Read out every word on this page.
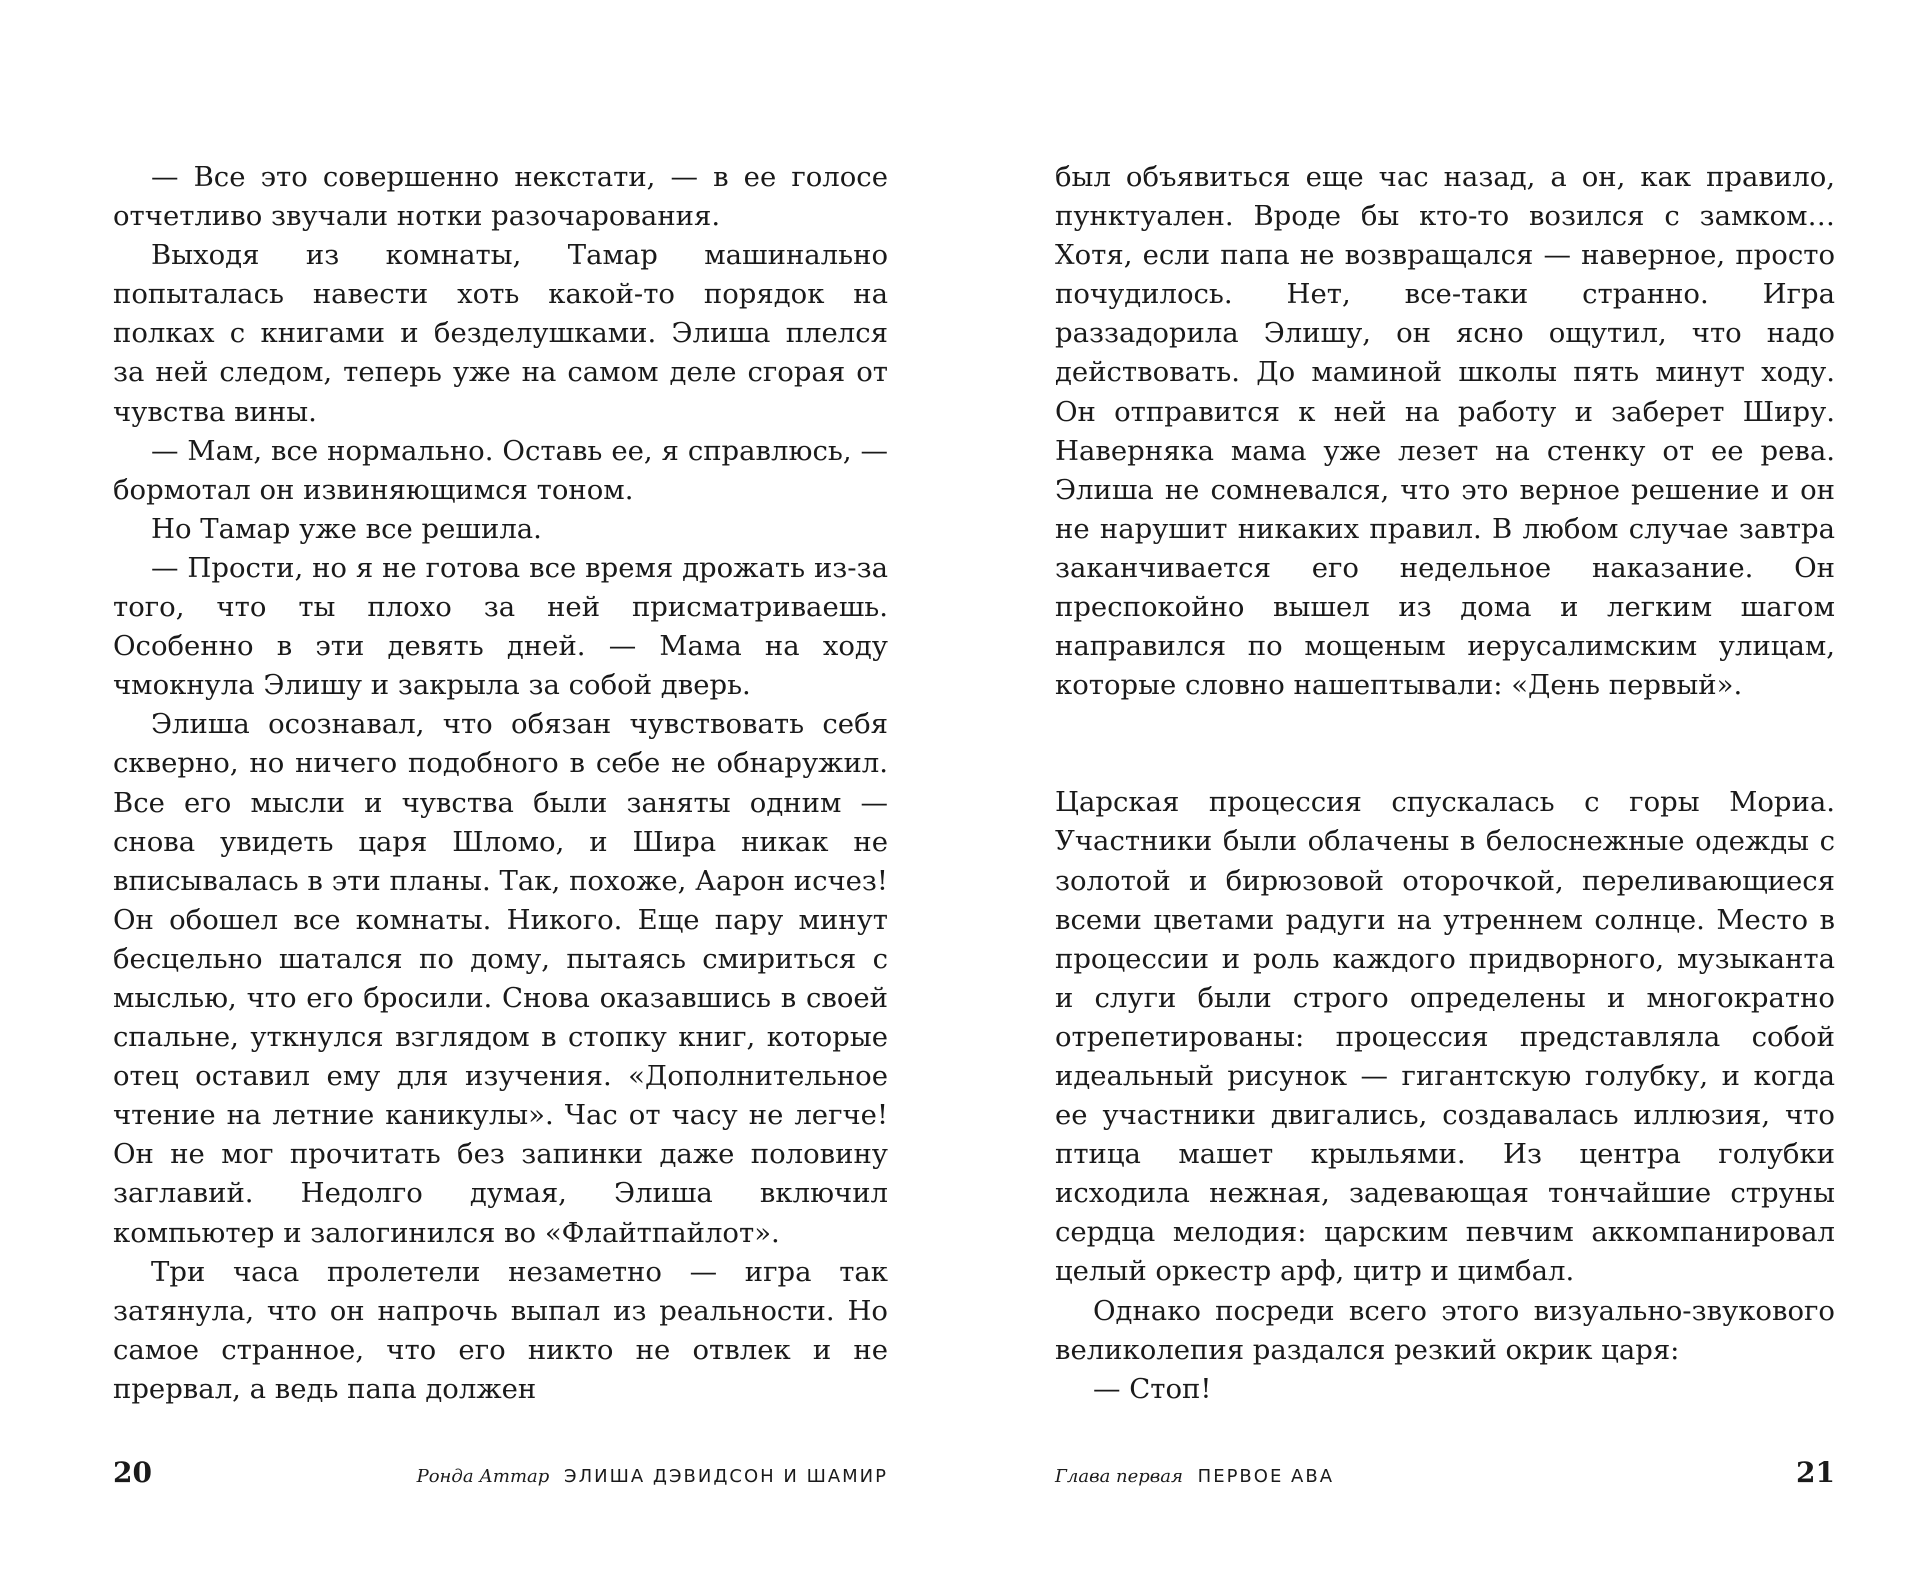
— Все это совершенно некстати, — в ее голосе отчетливо звучали нотки разочарования.

Выходя из комнаты, Тамар машинально попыталась навести хоть какой-то порядок на полках с книгами и безделушками. Элиша плелся за ней следом, теперь уже на самом деле сгорая от чувства вины.

— Мам, все нормально. Оставь ее, я справлюсь, — бормотал он извиняющимся тоном.

Но Тамар уже все решила.

— Прости, но я не готова все время дрожать из-за того, что ты плохо за ней присматриваешь. Особенно в эти девять дней. — Мама на ходу чмокнула Элишу и закрыла за собой дверь.

Элиша осознавал, что обязан чувствовать себя скверно, но ничего подобного в себе не обнаружил. Все его мысли и чувства были заняты одним — снова увидеть царя Шломо, и Шира никак не вписывалась в эти планы. Так, похоже, Аарон исчез! Он обошел все комнаты. Никого. Еще пару минут бесцельно шатался по дому, пытаясь смириться с мыслью, что его бросили. Снова оказавшись в своей спальне, уткнулся взглядом в стопку книг, которые отец оставил ему для изучения. «Дополнительное чтение на летние каникулы». Час от часу не легче! Он не мог прочитать без запинки даже половину заглавий. Недолго думая, Элиша включил компьютер и залогинился во «Флайтпайлот».

Три часа пролетели незаметно — игра так затянула, что он напрочь выпал из реальности. Но самое странное, что его никто не отвлек и не прервал, а ведь папа должен

20	Ронда Аттар ЭЛИША ДЭВИДСОН И ШАМИР

был объявиться еще час назад, а он, как правило, пунктуален. Вроде бы кто-то возился с замком… Хотя, если папа не возвращался — наверное, просто почудилось. Нет, все-таки странно. Игра раззадорила Элишу, он ясно ощутил, что надо действовать. До маминой школы пять минут ходу. Он отправится к ней на работу и заберет Ширу. Наверняка мама уже лезет на стенку от ее рева. Элиша не сомневался, что это верное решение и он не нарушит никаких правил. В любом случае завтра заканчивается его недельное наказание. Он преспокойно вышел из дома и легким шагом направился по мощеным иерусалимским улицам, которые словно нашептывали: «День первый».

Царская процессия спускалась с горы Мориа. Участники были облачены в белоснежные одежды с золотой и бирюзовой оторочкой, переливающиеся всеми цветами радуги на утреннем солнце. Место в процессии и роль каждого придворного, музыканта и слуги были строго определены и многократно отрепетированы: процессия представляла собой идеальный рисунок — гигантскую голубку, и когда ее участники двигались, создавалась иллюзия, что птица машет крыльями. Из центра голубки исходила нежная, задевающая тончайшие струны сердца мелодия: царским певчим аккомпанировал целый оркестр арф, цитр и цимбал.

Однако посреди всего этого визуально-звукового великолепия раздался резкий окрик царя:

— Стоп!

Глава первая ПЕРВОЕ АВА	21
